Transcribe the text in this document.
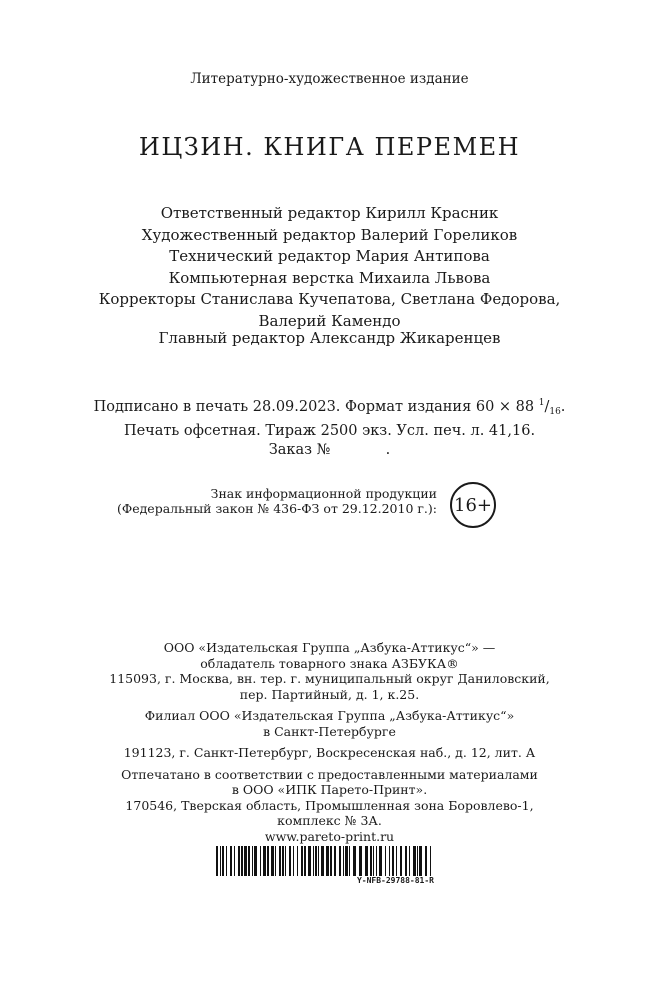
Литературно-художественное издание
ИЦЗИН. КНИГА ПЕРЕМЕН
Ответственный редактор Кирилл Красник
Художественный редактор Валерий Гореликов
Технический редактор Мария Антипова
Компьютерная верстка Михаила Львова
Корректоры Станислава Кучепатова, Светлана Федорова,
Валерий Камендо
Главный редактор Александр Жикаренцев
Подписано в печать 28.09.2023. Формат издания 60 × 88 $^1/_{16}$.
Печать офсетная. Тираж 2500 экз. Усл. печ. л. 41,16.
Заказ №            .
Знак информационной продукции
(Федеральный закон № 436-ФЗ от 29.12.2010 г.): 16+

ООО «Издательская Группа „Азбука-Аттикус“» —

обладатель товарного знака АЗБУКА®

115093, г. Москва, вн. тер. г. муниципальный округ Даниловский,

пер. Партийный, д. 1, к.25.

Филиал ООО «Издательская Группа „Азбука-Аттикус“»

в Санкт-Петербурге

191123, г. Санкт-Петербург, Воскресенская наб., д. 12, лит. А

Отпечатано в соответствии с предоставленными материалами

в ООО «ИПК Парето-Принт».

170546, Тверская область, Промышленная зона Боровлево-1,

комплекс № 3А.

www.pareto-print.ru

Y-NFB-29788-81-R
